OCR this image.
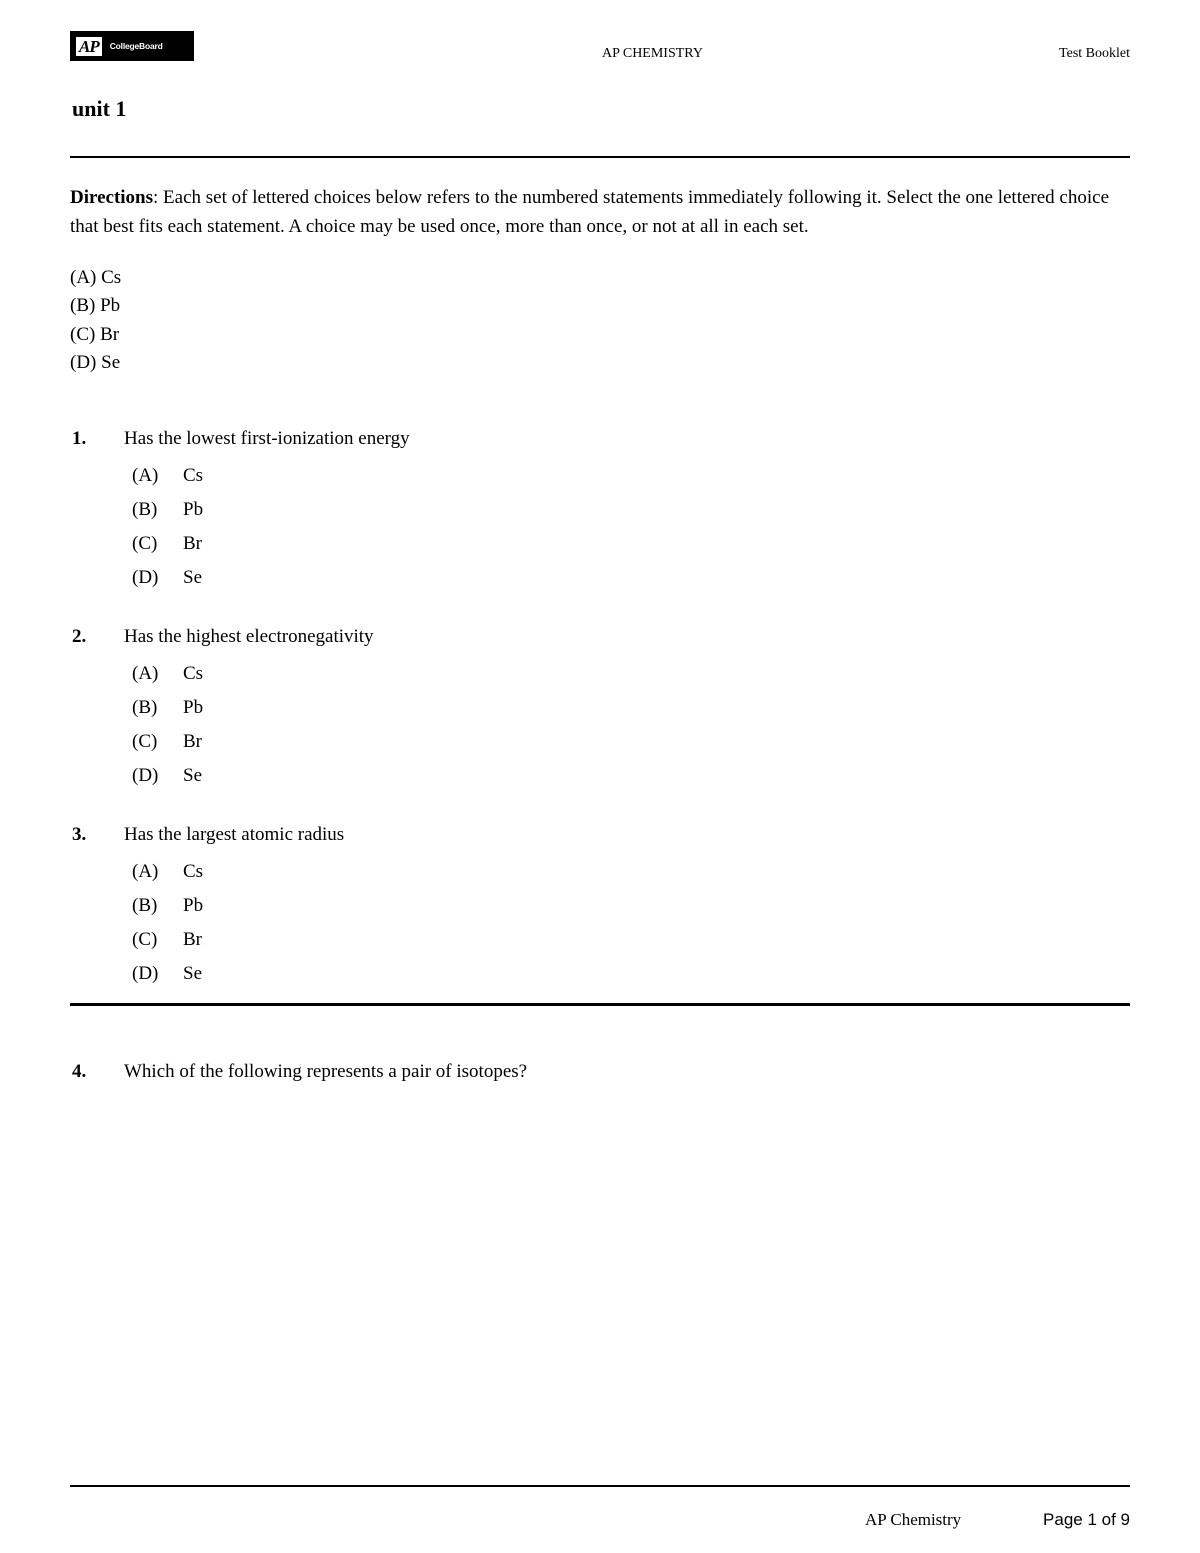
AP	CollegeBoard	AP CHEMISTRY	Test Booklet
unit 1
Directions: Each set of lettered choices below refers to the numbered statements immediately following it. Select the one lettered choice that best fits each statement. A choice may be used once, more than once, or not at all in each set.
(A) Cs
(B) Pb
(C) Br
(D) Se
1. Has the lowest first-ionization energy
(A)	Cs
(B)	Pb
(C)	Br
(D)	Se
2. Has the highest electronegativity
(A)	Cs
(B)	Pb
(C)	Br
(D)	Se
3. Has the largest atomic radius
(A)	Cs
(B)	Pb
(C)	Br
(D)	Se
4. Which of the following represents a pair of isotopes?
AP Chemistry	Page 1 of 9
